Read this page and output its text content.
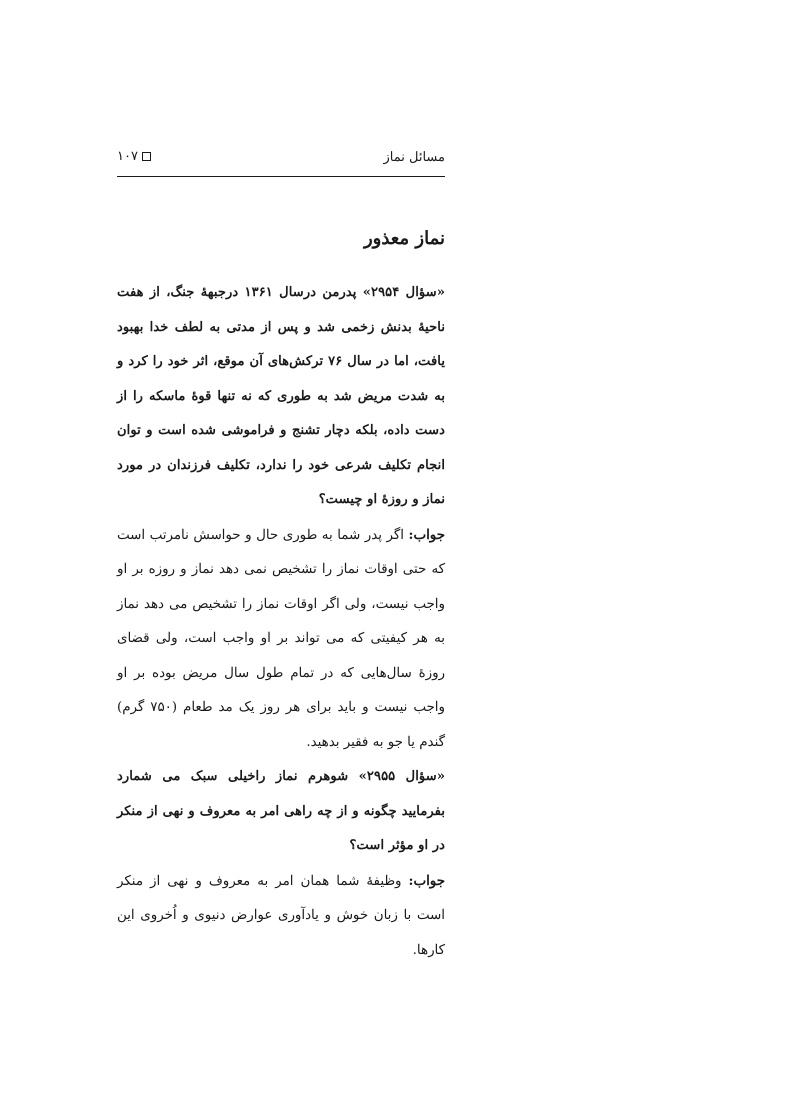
مسائل نماز
۱۰۷
نماز معذور

«سؤال ۲۹۵۴» پدرمن درسال ۱۳۶۱ درجبههٔ جنگ، از هفت ناحیهٔ بدنش زخمی شد و پس از مدتی به لطف خدا بهبود یافت، اما در سال ۷۶ ترکش‌های آن موقع، اثر خود را کرد و به شدت مریض شد به طوری که نه تنها قوهٔ ماسکه را از دست داده، بلکه دچار تشنج و فراموشی شده است و توان انجام تکلیف شرعی خود را ندارد، تکلیف فرزندان در مورد نماز و روزهٔ او چیست؟

جواب: اگر پدر شما به طوری حال و حواسش نامرتب است که حتی اوقات نماز را تشخیص نمی دهد نماز و روزه بر او واجب نیست، ولی اگر اوقات نماز را تشخیص می دهد نماز به هر کیفیتی که می تواند بر او واجب است، ولی قضای روزهٔ سال‌هایی که در تمام طول سال مریض بوده بر او واجب نیست و باید برای هر روز یک مد طعام (۷۵۰ گرم) گندم یا جو به فقیر بدهید.

«سؤال ۲۹۵۵» شوهرم نماز راخیلی سبک می شمارد بفرمایید چگونه و از چه راهی امر به معروف و نهی از منکر در او مؤثر است؟

جواب: وظیفهٔ شما همان امر به معروف و نهی از منکر است با زبان خوش و یادآوری عوارض دنیوی و اُخروی این کارها.
